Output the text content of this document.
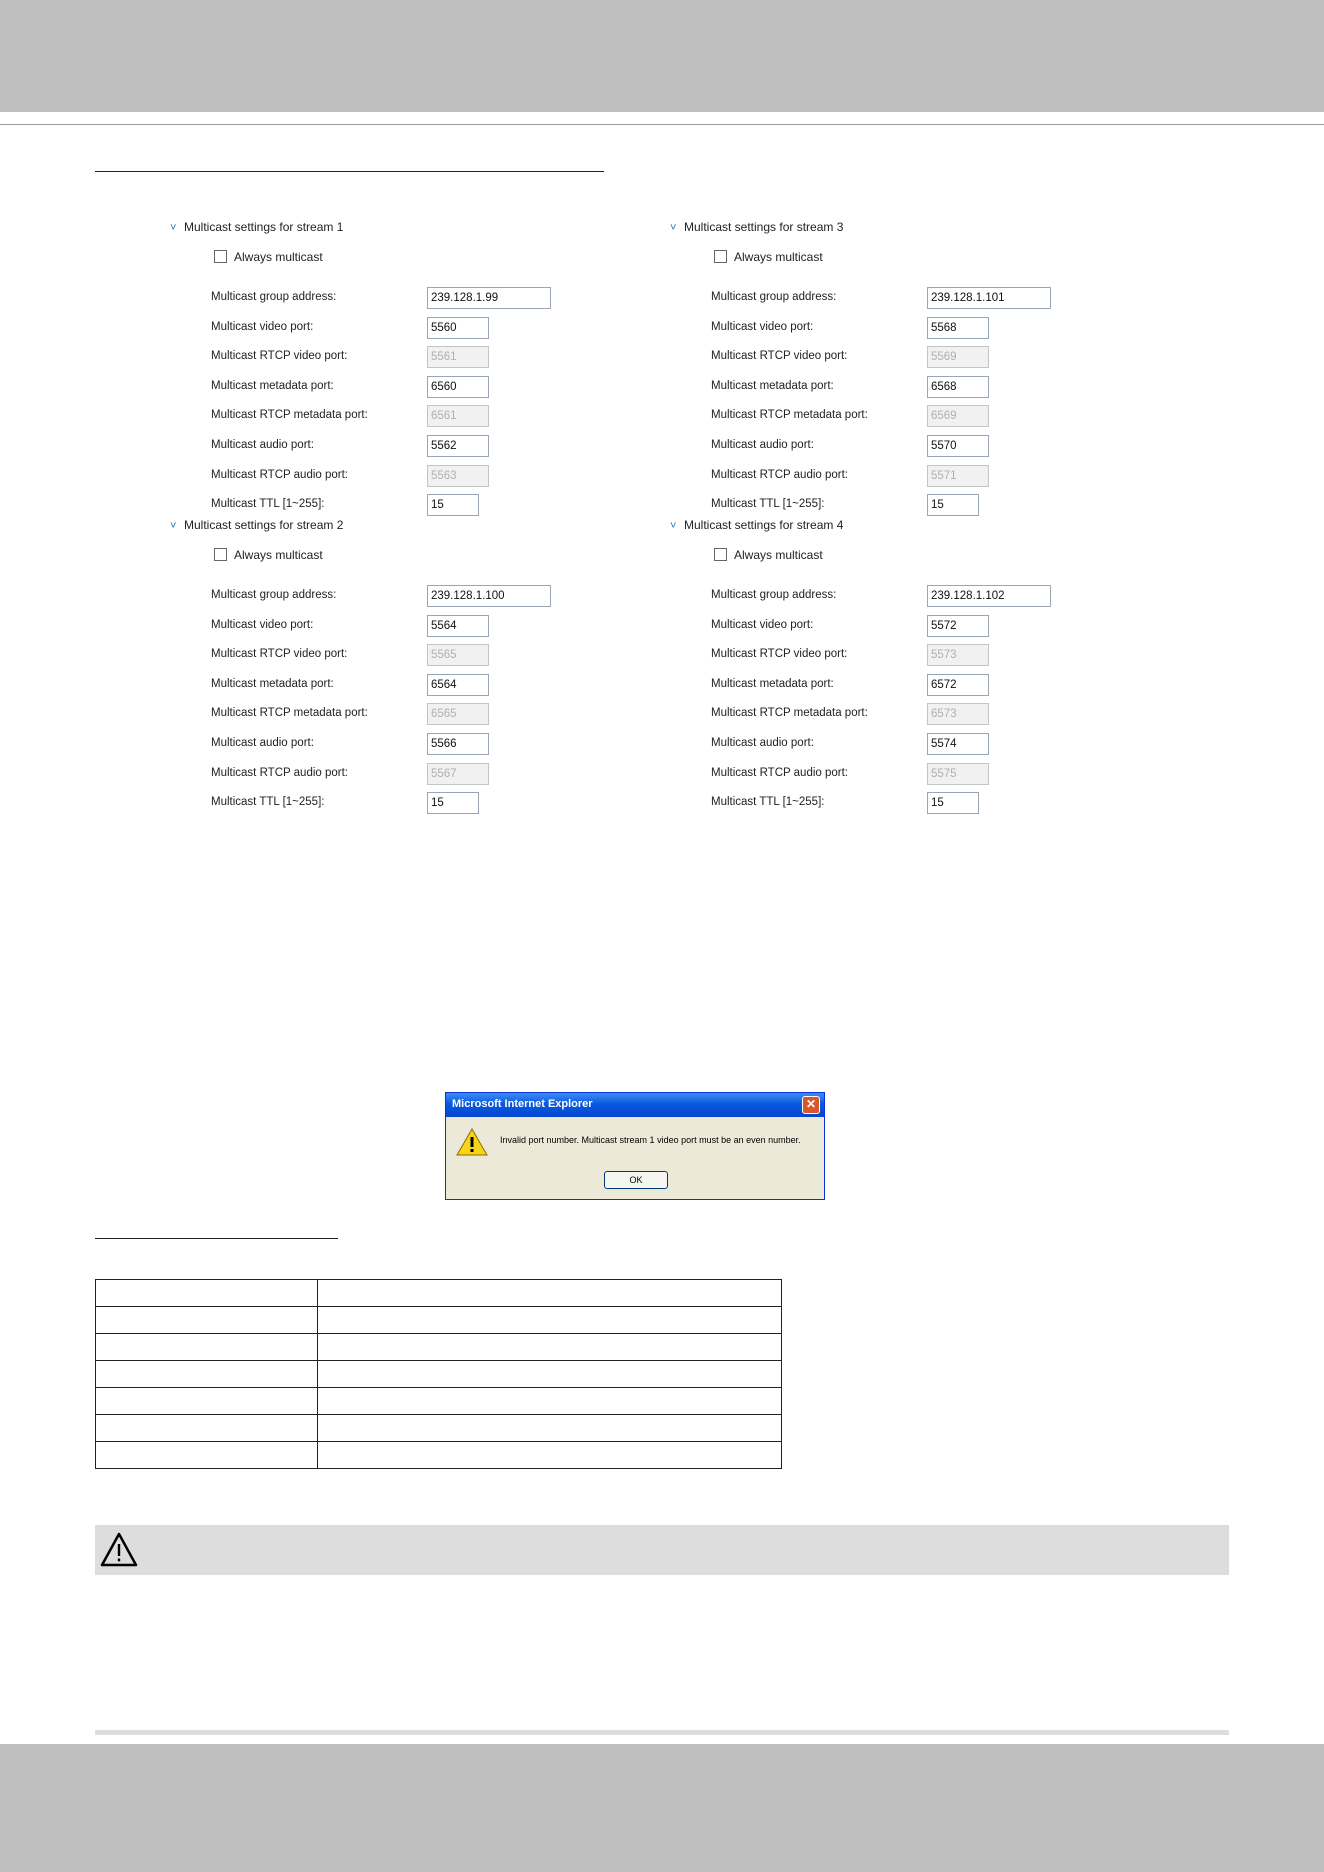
˅ Multicast settings for stream 1
Always multicast
Multicast group address:	239.128.1.99
Multicast video port:	5560
Multicast RTCP video port:	5561
Multicast metadata port:	6560
Multicast RTCP metadata port:	6561
Multicast audio port:	5562
Multicast RTCP audio port:	5563
Multicast TTL [1~255]:	15
˅ Multicast settings for stream 2
Always multicast
Multicast group address:	239.128.1.100
Multicast video port:	5564
Multicast RTCP video port:	5565
Multicast metadata port:	6564
Multicast RTCP metadata port:	6565
Multicast audio port:	5566
Multicast RTCP audio port:	5567
Multicast TTL [1~255]:	15
˅ Multicast settings for stream 3
Always multicast
Multicast group address:	239.128.1.101
Multicast video port:	5568
Multicast RTCP video port:	5569
Multicast metadata port:	6568
Multicast RTCP metadata port:	6569
Multicast audio port:	5570
Multicast RTCP audio port:	5571
Multicast TTL [1~255]:	15
˅ Multicast settings for stream 4
Always multicast
Multicast group address:	239.128.1.102
Multicast video port:	5572
Multicast RTCP video port:	5573
Multicast metadata port:	6572
Multicast RTCP metadata port:	6573
Multicast audio port:	5574
Multicast RTCP audio port:	5575
Multicast TTL [1~255]:	15
Microsoft Internet Explorer	✕
Invalid port number. Multicast stream 1 video port must be an even number.
OK
